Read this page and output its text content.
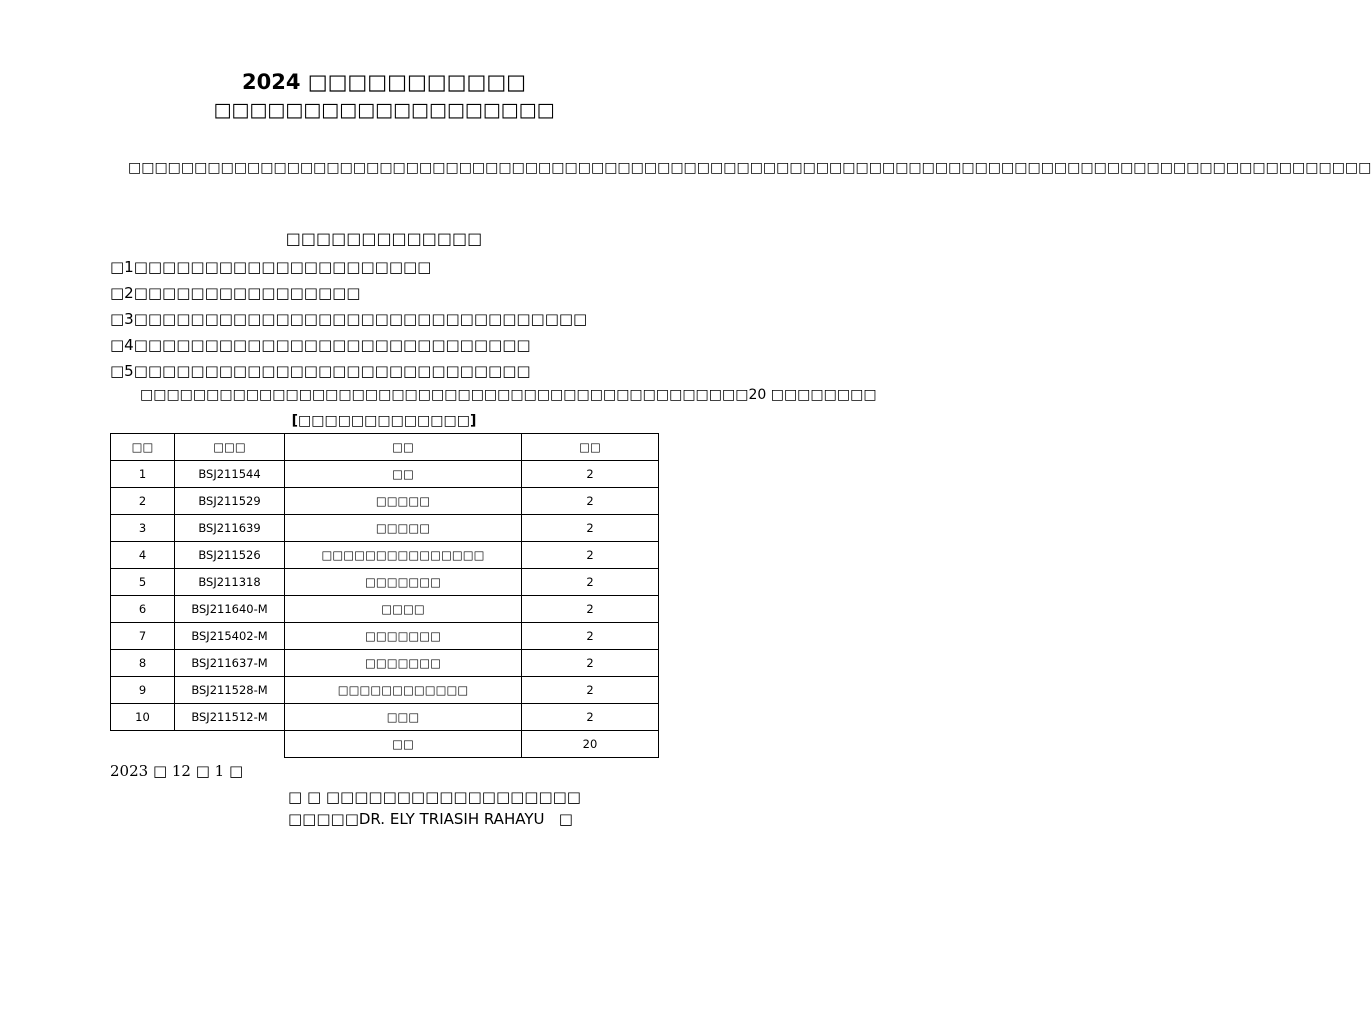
2024 □□□□□□□□□□□

□□□□□□□□□□□□□□□□□□□

□□□□□□□□□□□□□□□□□□□□□□□□□□□□□□□□□□□□□□□□□□□□□□□□□□□□□□□□□□□□□□□□□□□□□□□□□□□□□□□□□□□□□□□□□□□□□□

□□□□□□□□□□□□□

□1□□□□□□□□□□□□□□□□□□□□□
□2□□□□□□□□□□□□□□□□
□3□□□□□□□□□□□□□□□□□□□□□□□□□□□□□□□□
□4□□□□□□□□□□□□□□□□□□□□□□□□□□□□
□5□□□□□□□□□□□□□□□□□□□□□□□□□□□□

□□□□□□□□□□□□□□□□□□□□□□□□□□□□□□□□□□□□□□□□□□□□□□20 □□□□□□□□

[□□□□□□□□□□□□□]

□□	□□□	□□	□□
1	BSJ211544	□□	2
2	BSJ211529	□□□□□	2
3	BSJ211639	□□□□□	2
4	BSJ211526	□□□□□□□□□□□□□□□	2
5	BSJ211318	□□□□□□□	2
6	BSJ211640-M	□□□□	2
7	BSJ215402-M	□□□□□□□	2
8	BSJ211637-M	□□□□□□□	2
9	BSJ211528-M	□□□□□□□□□□□□	2
10	BSJ211512-M	□□□	2
		□□	20

2023 □ 12 □ 1 □

□ □ □□□□□□□□□□□□□□□□□□
□□□□□DR. ELY TRIASIH RAHAYU   □
